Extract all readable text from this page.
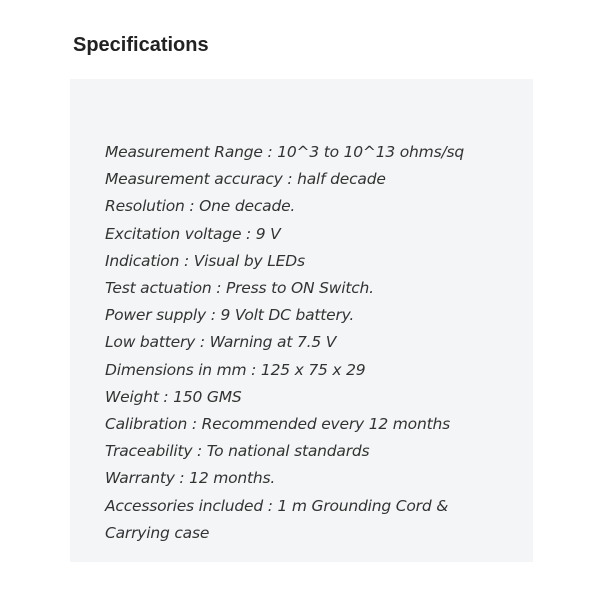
Specifications
Measurement Range : 10^3 to 10^13 ohms/sq
Measurement accuracy : half decade
Resolution : One decade.
Excitation voltage : 9 V
Indication : Visual by LEDs
Test actuation : Press to ON Switch.
Power supply : 9 Volt DC battery.
Low battery : Warning at 7.5 V
Dimensions in mm : 125 x 75 x 29
Weight : 150 GMS
Calibration : Recommended every 12 months
Traceability : To national standards
Warranty : 12 months.
Accessories included : 1 m Grounding Cord & Carrying case
